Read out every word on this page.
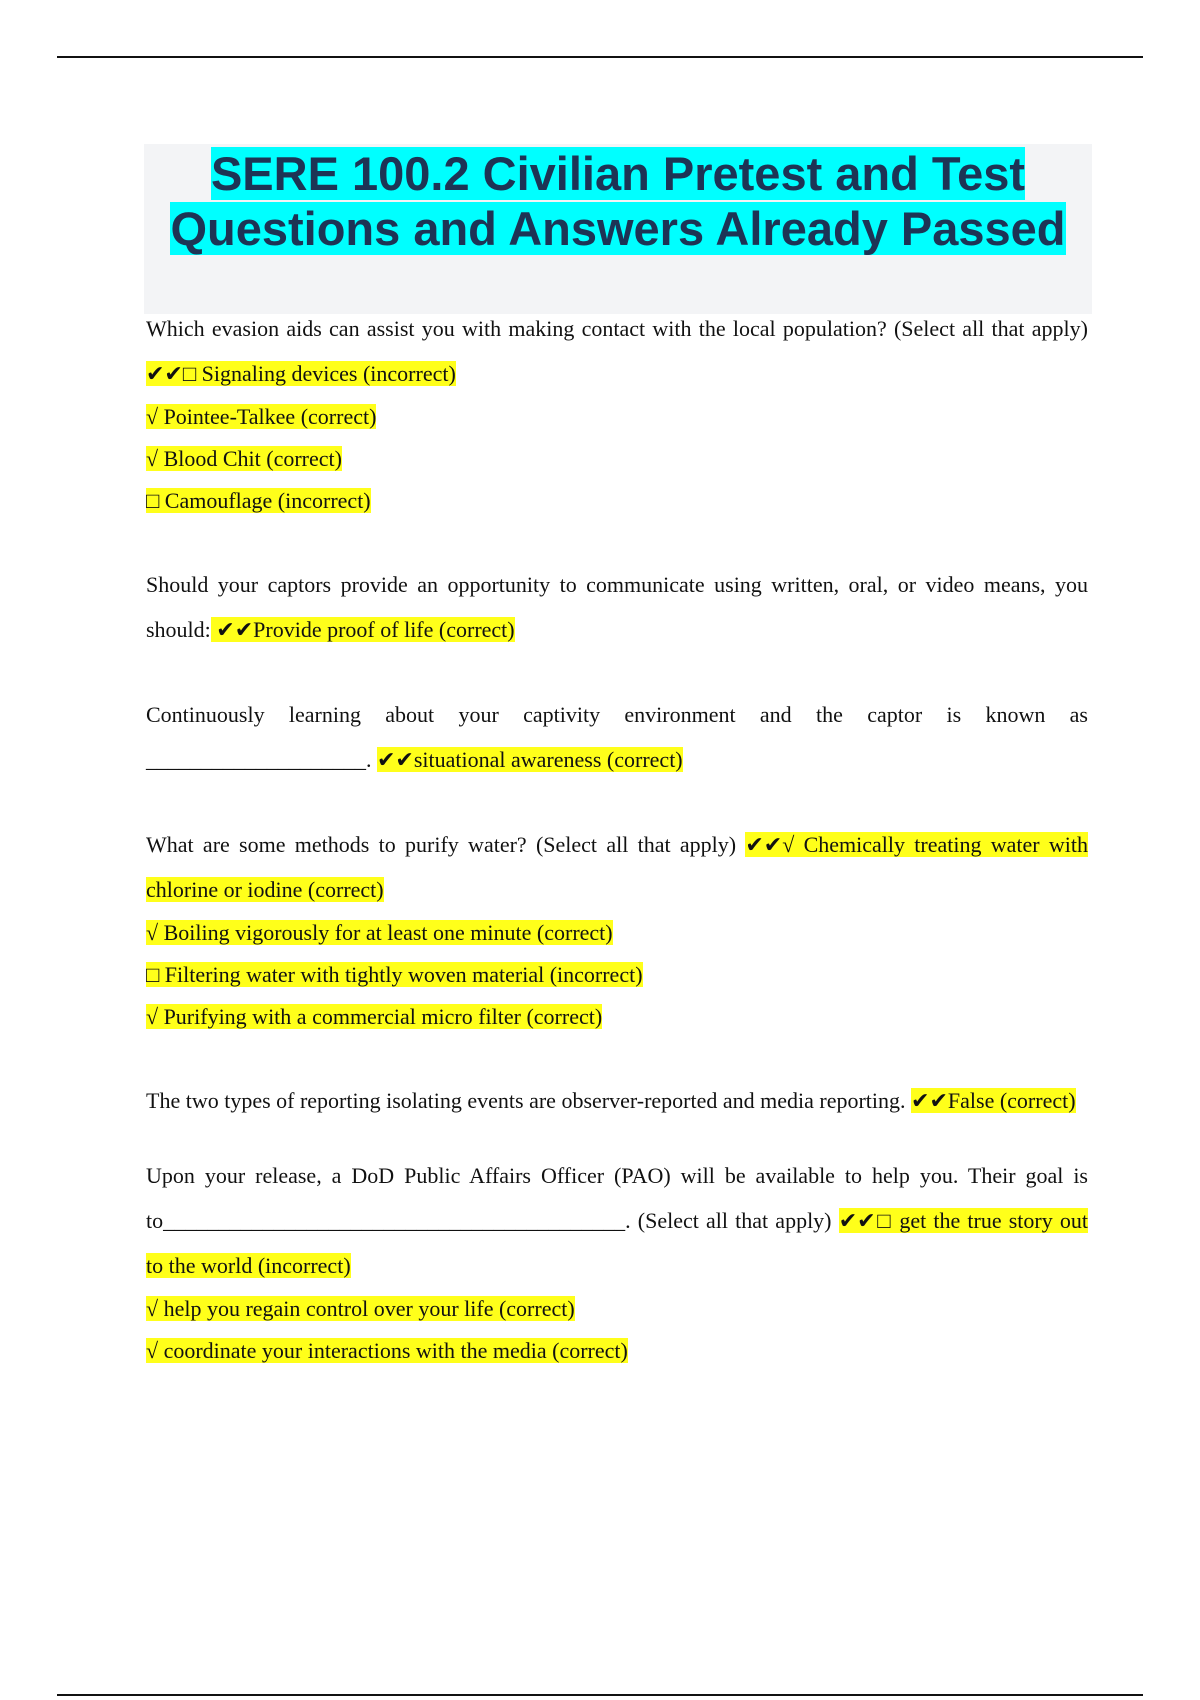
SERE 100.2 Civilian Pretest and Test
Questions and Answers Already Passed

Which evasion aids can assist you with making contact with the local population? (Select all that apply) ✔✔□ Signaling devices (incorrect)

√ Pointee-Talkee (correct)

√ Blood Chit (correct)

□ Camouflage (incorrect)

Should your captors provide an opportunity to communicate using written, oral, or video means, you should: ✔✔Provide proof of life (correct)

Continuously learning about your captivity environment and the captor is known as

____________________. ✔✔situational awareness (correct)

What are some methods to purify water? (Select all that apply) ✔✔√ Chemically treating water with chlorine or iodine (correct)

√ Boiling vigorously for at least one minute (correct)

□ Filtering water with tightly woven material (incorrect)

√ Purifying with a commercial micro filter (correct)

The two types of reporting isolating events are observer-reported and media reporting. ✔✔False (correct)

Upon your release, a DoD Public Affairs Officer (PAO) will be available to help you. Their goal is to__________________________________________. (Select all that apply) ✔✔□ get the true story out to the world (incorrect)

√ help you regain control over your life (correct)

√ coordinate your interactions with the media (correct)
